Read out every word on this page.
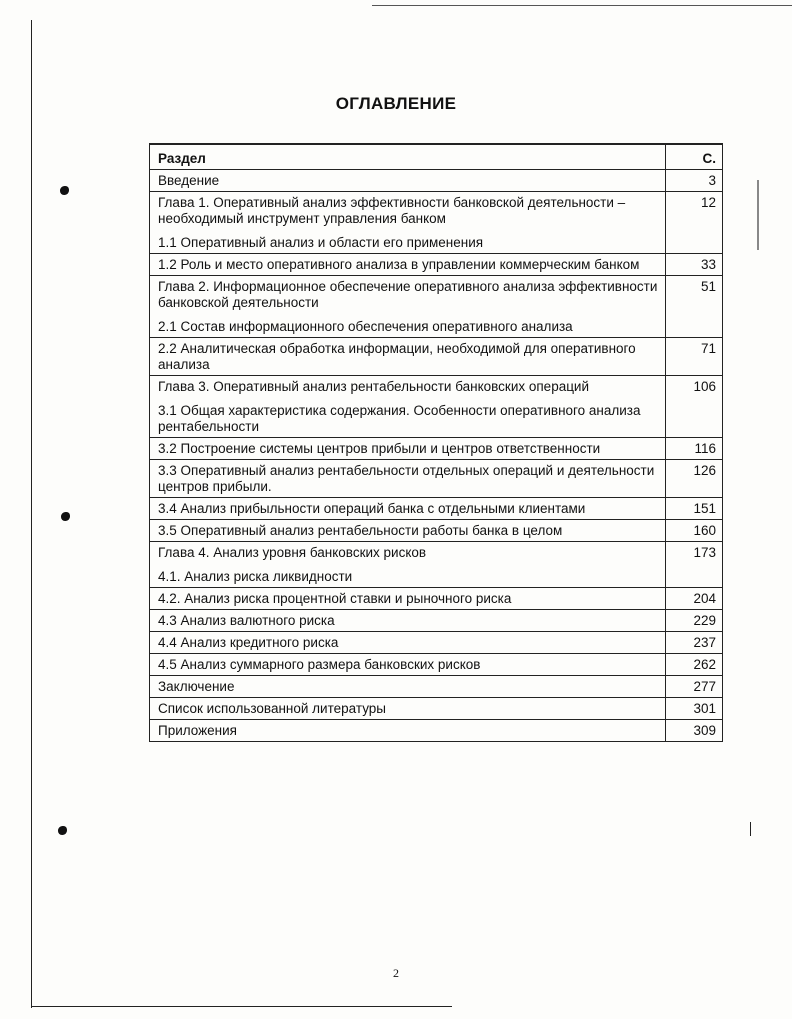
ОГЛАВЛЕНИЕ
Раздел	С.
Введение	3
Глава 1. Оперативный анализ эффективности банковской деятельности – необходимый инструмент управления банком
1.1 Оперативный анализ и области его применения	12
1.2 Роль и место оперативного анализа в управлении коммерческим банком	33
Глава 2. Информационное обеспечение оперативного анализа эффективности банковской деятельности
2.1 Состав информационного обеспечения оперативного анализа	51
2.2 Аналитическая обработка информации, необходимой для оперативного анализа	71
Глава 3. Оперативный анализ рентабельности банковских операций
3.1 Общая характеристика содержания. Особенности оперативного анализа рентабельности	106
3.2 Построение системы центров прибыли и центров ответственности	116
3.3 Оперативный анализ рентабельности отдельных операций и деятельности центров прибыли.	126
3.4 Анализ прибыльности операций банка с отдельными клиентами	151
3.5 Оперативный анализ рентабельности работы банка в целом	160
Глава 4. Анализ уровня банковских рисков
4.1. Анализ риска ликвидности	173
4.2. Анализ риска процентной ставки и рыночного риска	204
4.3 Анализ валютного риска	229
4.4 Анализ кредитного риска	237
4.5 Анализ суммарного размера банковских рисков	262
Заключение	277
Список использованной литературы	301
Приложения	309
2
